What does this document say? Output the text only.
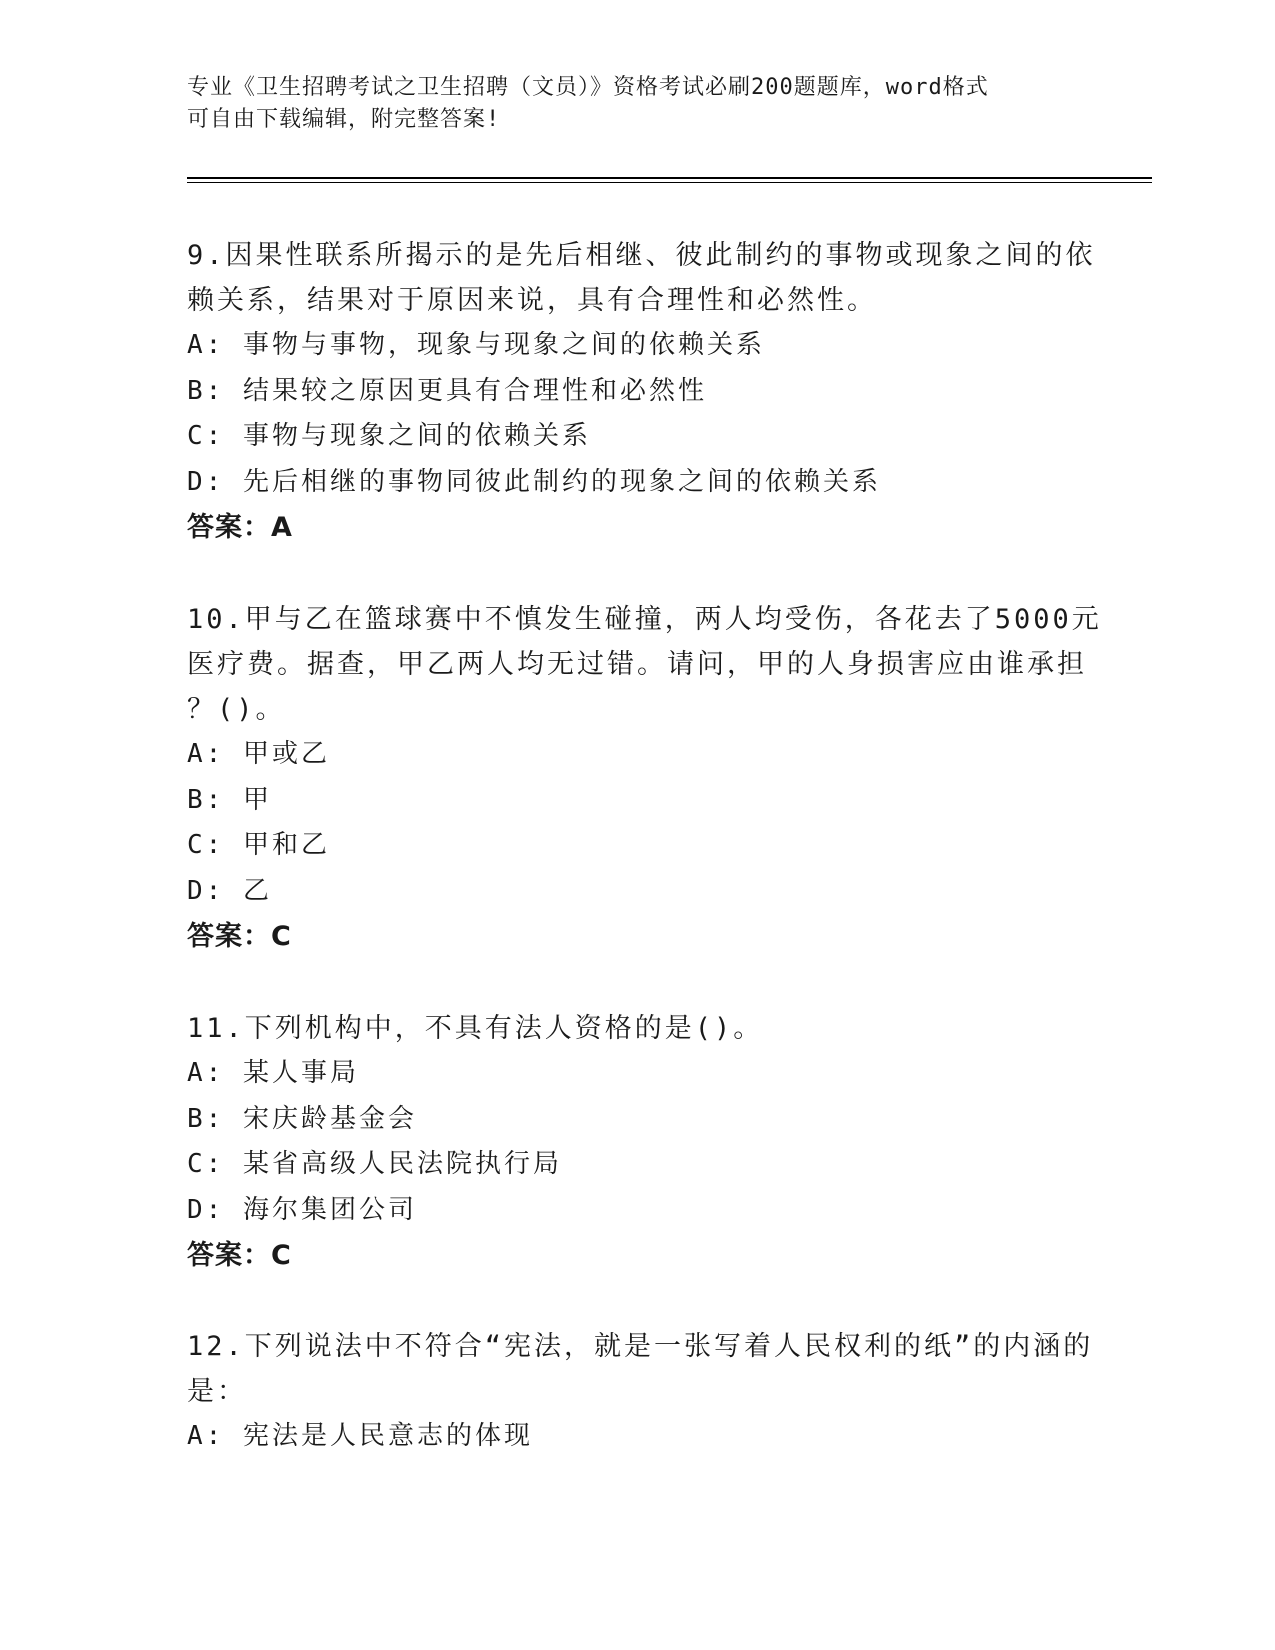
专业《卫生招聘考试之卫生招聘（文员）》资格考试必刷200题题库，word格式
可自由下载编辑，附完整答案!
9.因果性联系所揭示的是先后相继、彼此制约的事物或现象之间的依
赖关系，结果对于原因来说，具有合理性和必然性。
A: 事物与事物，现象与现象之间的依赖关系
B: 结果较之原因更具有合理性和必然性
C: 事物与现象之间的依赖关系
D: 先后相继的事物同彼此制约的现象之间的依赖关系
答案：A
10.甲与乙在篮球赛中不慎发生碰撞，两人均受伤，各花去了5000元
医疗费。据查，甲乙两人均无过错。请问，甲的人身损害应由谁承担
？()。
A: 甲或乙
B: 甲
C: 甲和乙
D: 乙
答案：C
11.下列机构中，不具有法人资格的是()。
A: 某人事局
B: 宋庆龄基金会
C: 某省高级人民法院执行局
D: 海尔集团公司
答案：C
12.下列说法中不符合“宪法，就是一张写着人民权利的纸”的内涵的
是：
A: 宪法是人民意志的体现
